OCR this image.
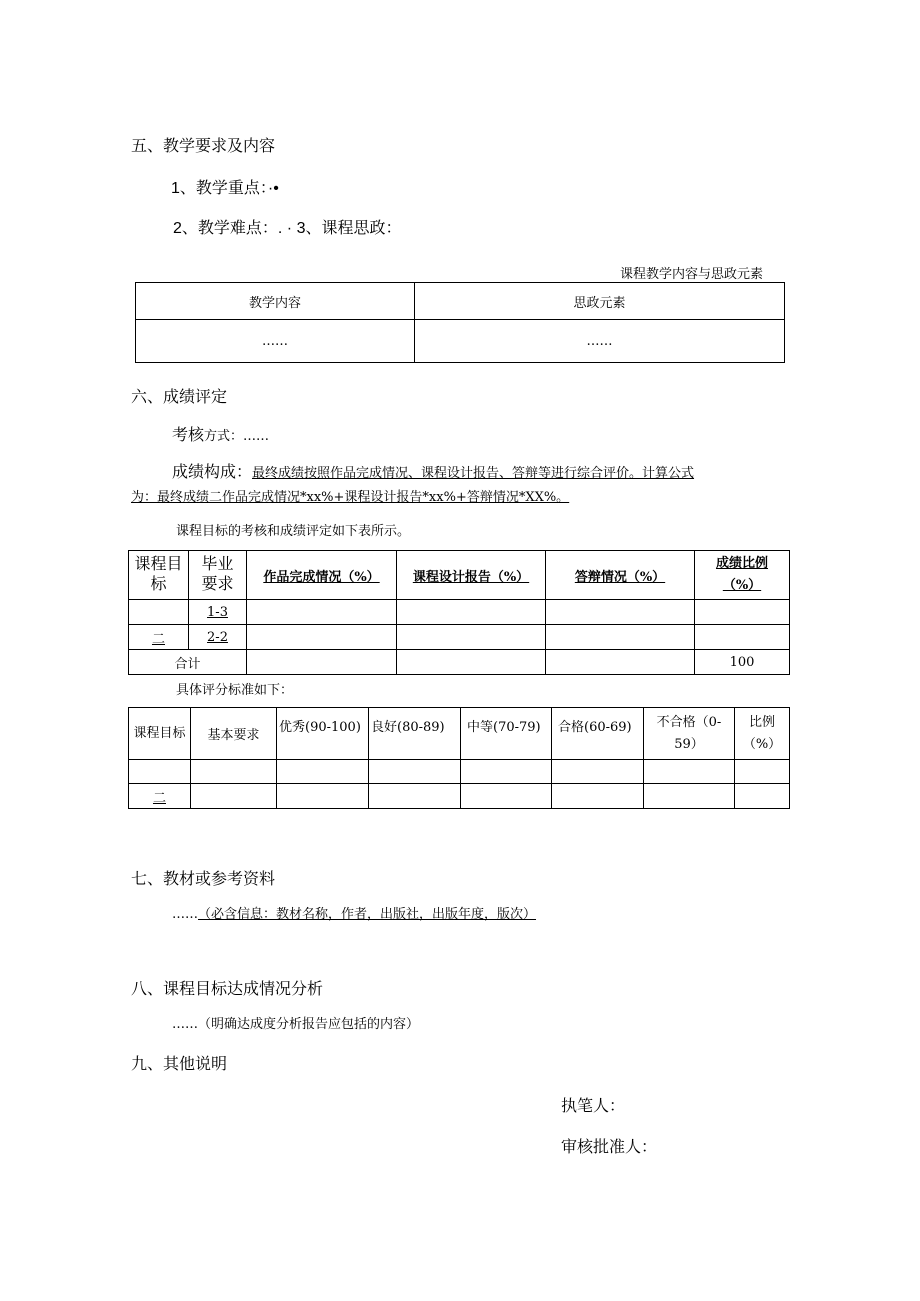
五、教学要求及内容
1、教学重点：·•
2、教学难点：. · 3、课程思政：
课程教学内容与思政元素
教学内容	思政元素
……	……
六、成绩评定
考核方式：……
成绩构成：最终成绩按照作品完成情况、课程设计报告、答辩等进行综合评价。计算公式
为：最终成绩二作品完成情况*xx%+课程设计报告*xx%+答辩情况*XX%。
课程目标的考核和成绩评定如下表所示。
课程目标	毕业要求	作品完成情况（%）	课程设计报告（%）	答辩情况（%）	成绩比例（%）
	1-3				
二	2-2				
合计					100
具体评分标准如下：
课程目标	基本要求	优秀(90-100)	良好(80-89)	中等(70-79)	合格(60-69)	不合格（0-59）	比例（%）

二							
七、教材或参考资料
……（必含信息：教材名称，作者，出版社，出版年度，版次）
八、课程目标达成情况分析
……（明确达成度分析报告应包括的内容）
九、其他说明
执笔人：
审核批准人：
